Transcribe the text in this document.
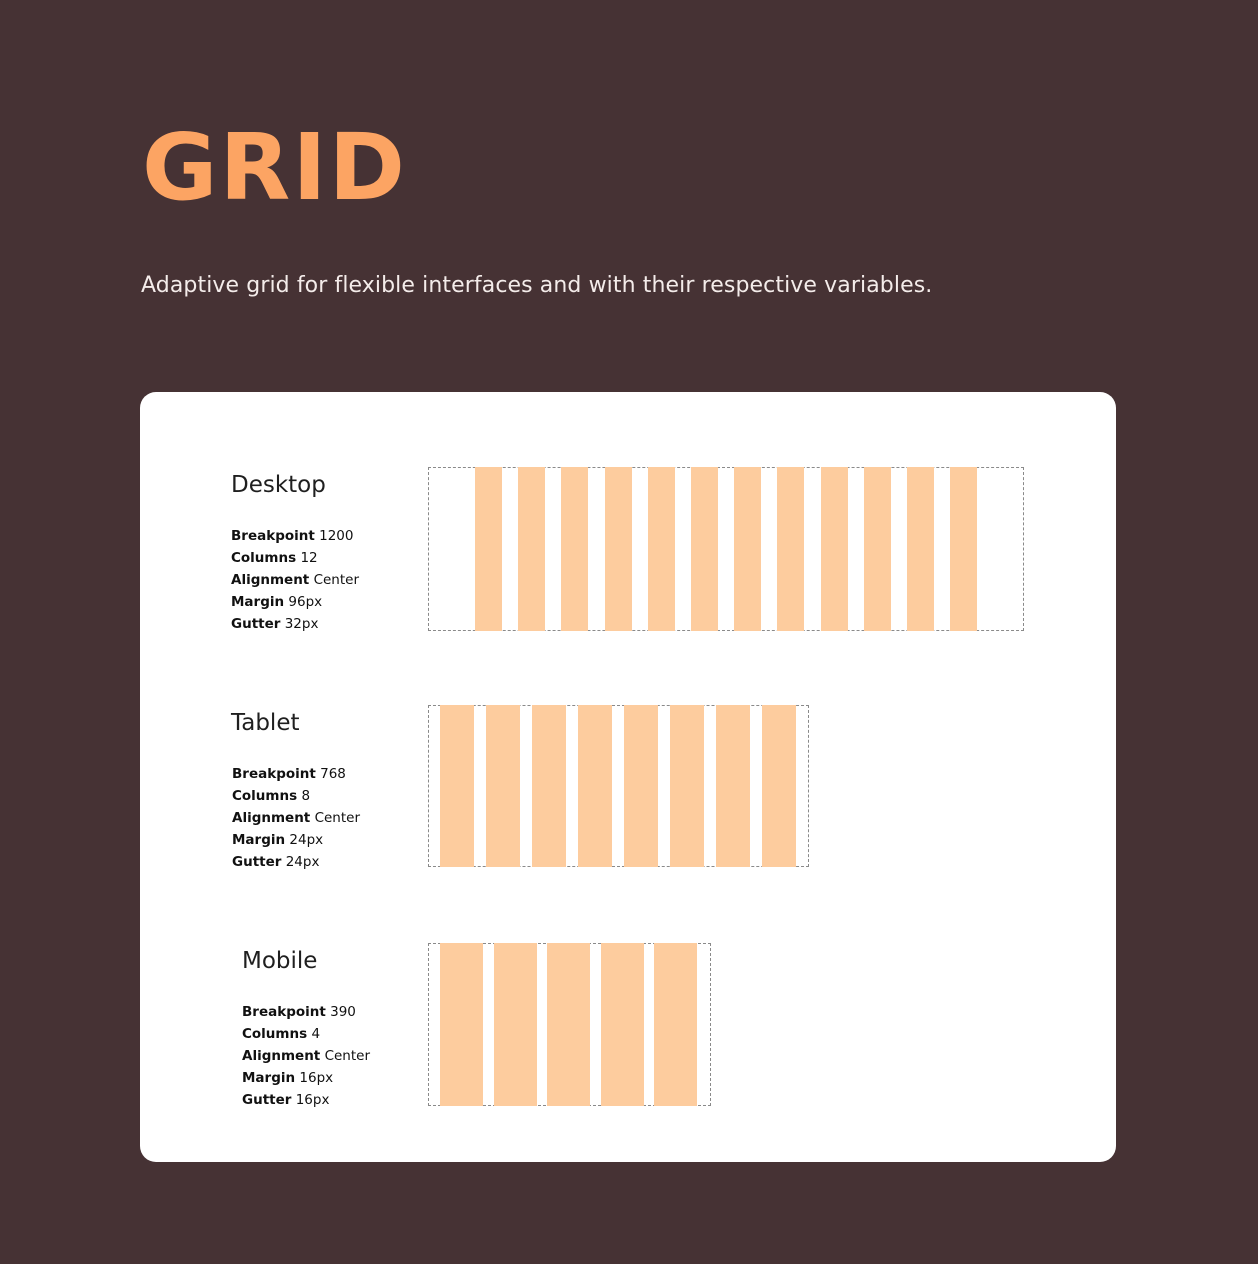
GRID

Adaptive grid for flexible interfaces and with their respective variables.

Desktop
Breakpoint 1200
Columns 12
Alignment Center
Margin 96px
Gutter 32px
Tablet
Breakpoint 768
Columns 8
Alignment Center
Margin 24px
Gutter 24px
Mobile
Breakpoint 390
Columns 4
Alignment Center
Margin 16px
Gutter 16px
